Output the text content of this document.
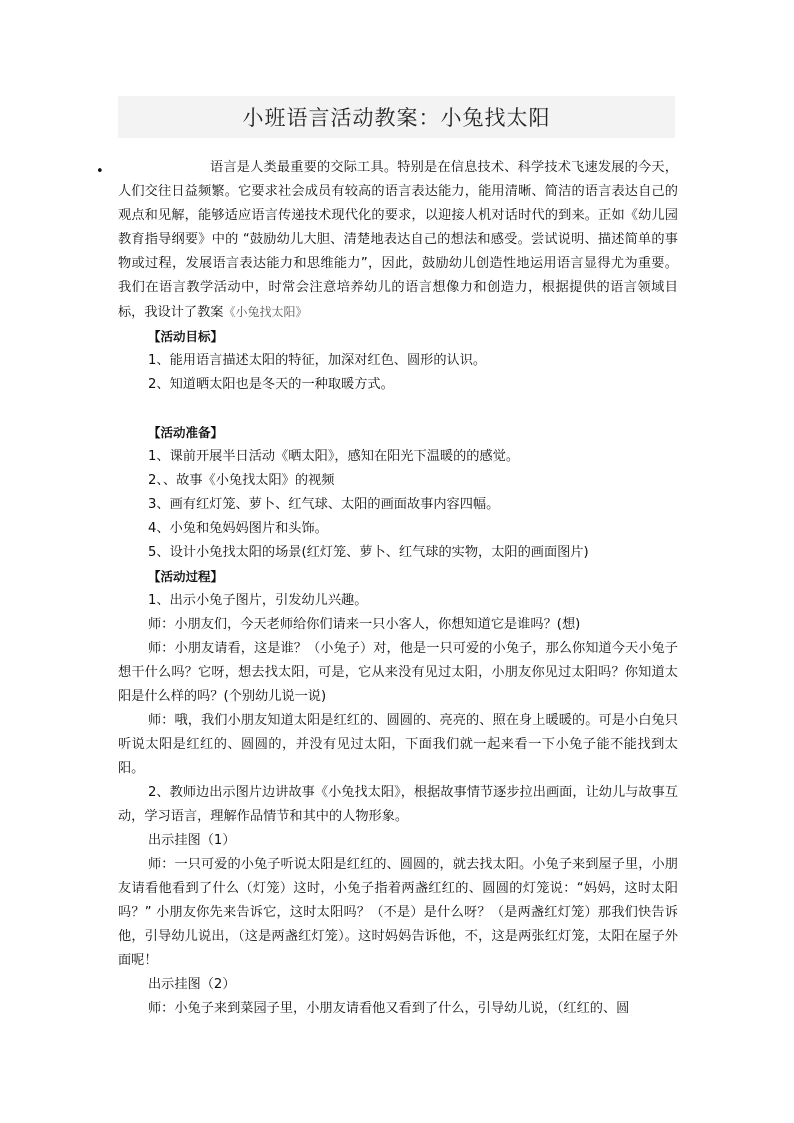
小班语言活动教案：小兔找太阳
•	语言是人类最重要的交际工具。特别是在信息技术、科学技术飞速发展的今天，人们交往日益频繁。它要求社会成员有较高的语言表达能力，能用清晰、简洁的语言表达自己的观点和见解，能够适应语言传递技术现代化的要求，以迎接人机对话时代的到来。正如《幼儿园教育指导纲要》中的 “鼓励幼儿大胆、清楚地表达自己的想法和感受。尝试说明、描述简单的事物或过程，发展语言表达能力和思维能力”，因此，鼓励幼儿创造性地运用语言显得尤为重要。 我们在语言教学活动中，时常会注意培养幼儿的语言想像力和创造力，根据提供的语言领域目标，我设计了教案《小兔找太阳》

【活动目标】

1、能用语言描述太阳的特征，加深对红色、圆形的认识。

2、知道晒太阳也是冬天的一种取暖方式。

【活动准备】

1、课前开展半日活动《晒太阳》，感知在阳光下温暖的的感觉。

2、、故事《小兔找太阳》的视频

3、画有红灯笼、萝卜、红气球、太阳的画面故事内容四幅。

4、小兔和兔妈妈图片和头饰。

5、设计小兔找太阳的场景(红灯笼、萝卜、红气球的实物，太阳的画面图片)

【活动过程】

1、出示小兔子图片，引发幼儿兴趣。

师：小朋友们，今天老师给你们请来一只小客人，你想知道它是谁吗？(想)

师：小朋友请看，这是谁？（小兔子）对，他是一只可爱的小兔子，那么你知道今天小兔子想干什么吗？它呀，想去找太阳，可是，它从来没有见过太阳，小朋友你见过太阳吗？你知道太阳是什么样的吗？(个别幼儿说一说)

师：哦，我们小朋友知道太阳是红红的、圆圆的、亮亮的、照在身上暖暖的。可是小白兔只听说太阳是红红的、圆圆的，并没有见过太阳，下面我们就一起来看一下小兔子能不能找到太阳。

2、教师边出示图片边讲故事《小兔找太阳》，根据故事情节逐步拉出画面，让幼儿与故事互动，学习语言，理解作品情节和其中的人物形象。

出示挂图（1）

师：一只可爱的小兔子听说太阳是红红的、圆圆的，就去找太阳。小兔子来到屋子里，小朋友请看他看到了什么（灯笼）这时，小兔子指着两盏红红的、圆圆的灯笼说：“妈妈，这时太阳吗？” 小朋友你先来告诉它，这时太阳吗？（不是）是什么呀？（是两盏红灯笼）那我们快告诉他，引导幼儿说出，（这是两盏红灯笼）。这时妈妈告诉他，不，这是两张红灯笼，太阳在屋子外面呢！

出示挂图（2）

师：小兔子来到菜园子里，小朋友请看他又看到了什么，引导幼儿说，（红红的、圆
